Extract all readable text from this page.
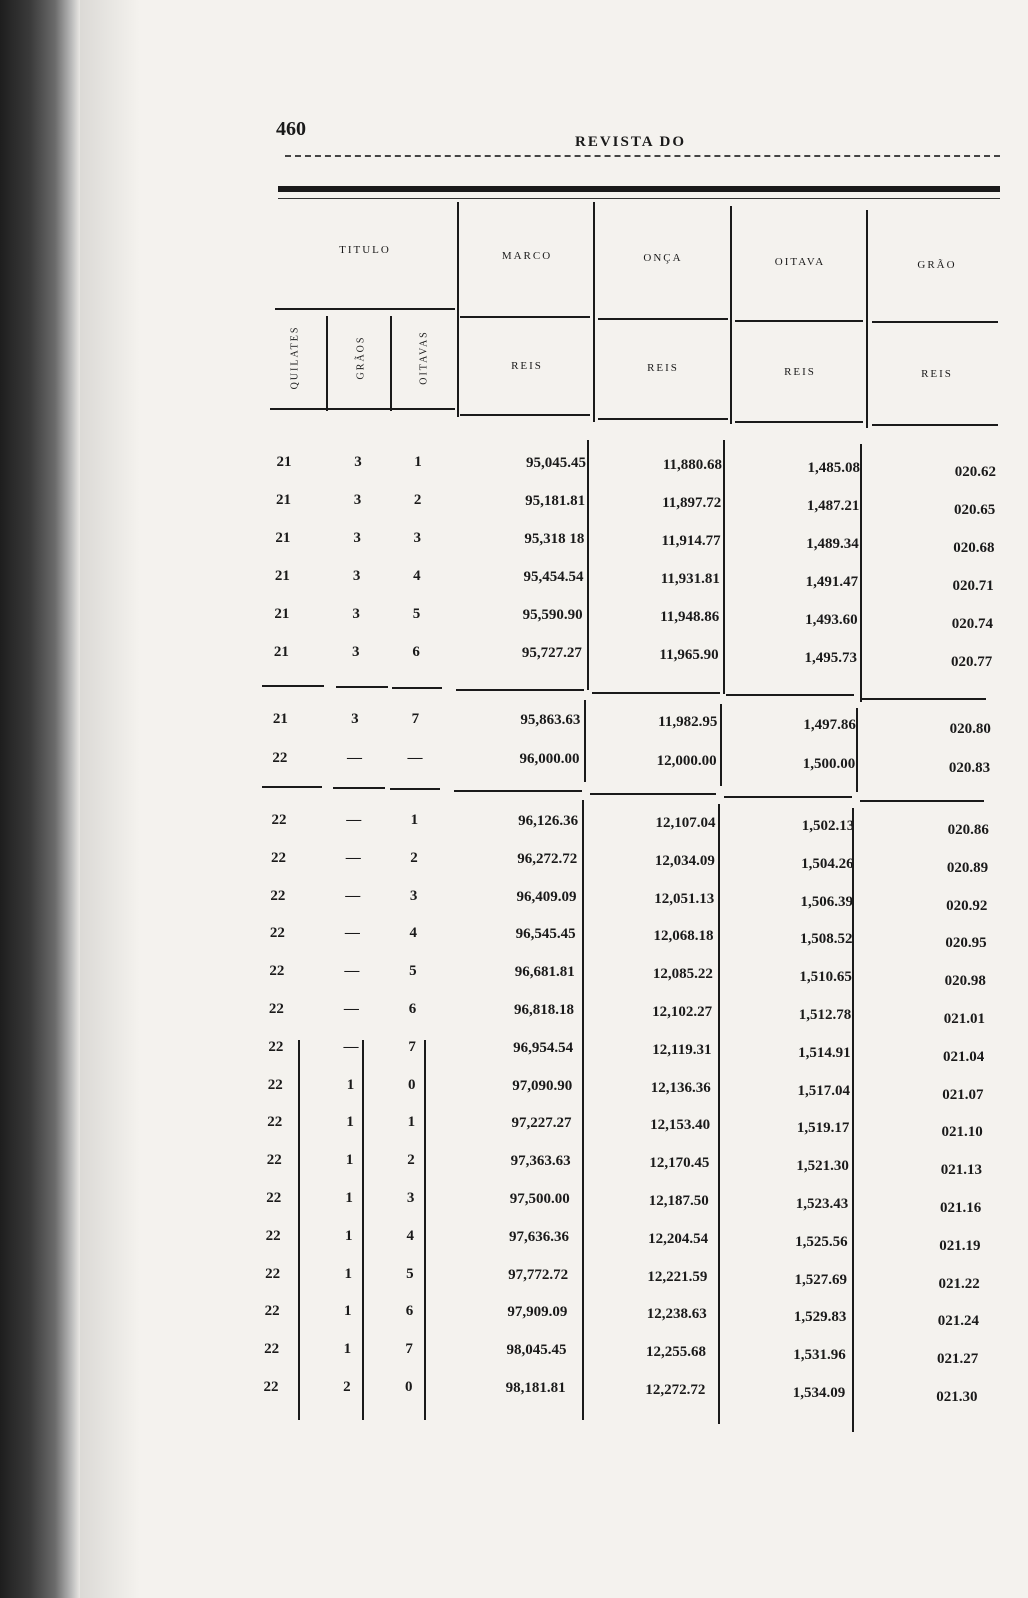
460
REVISTA DO
TITULO	MARCO	ONÇA	OITAVA	GRÃO
QUILATES	GRÃOS	OITAVAS	REIS	REIS	REIS	REIS
21	3	1	95,045.45	11,880.68	1,485.08	020.62
21	3	2	95,181.81	11,897.72	1,487.21	020.65
21	3	3	95,318 18	11,914.77	1,489.34	020.68
21	3	4	95,454.54	11,931.81	1,491.47	020.71
21	3	5	95,590.90	11,948.86	1,493.60	020.74
21	3	6	95,727.27	11,965.90	1,495.73	020.77
21	3	7	95,863.63	11,982.95	1,497.86	020.80
22	—	—	96,000.00	12,000.00	1,500.00	020.83
22	—	1	96,126.36	12,107.04	1,502.13	020.86
22	—	2	96,272.72	12,034.09	1,504.26	020.89
22	—	3	96,409.09	12,051.13	1,506.39	020.92
22	—	4	96,545.45	12,068.18	1,508.52	020.95
22	—	5	96,681.81	12,085.22	1,510.65	020.98
22	—	6	96,818.18	12,102.27	1,512.78	021.01
22	—	7	96,954.54	12,119.31	1,514.91	021.04
22	1	0	97,090.90	12,136.36	1,517.04	021.07
22	1	1	97,227.27	12,153.40	1,519.17	021.10
22	1	2	97,363.63	12,170.45	1,521.30	021.13
22	1	3	97,500.00	12,187.50	1,523.43	021.16
22	1	4	97,636.36	12,204.54	1,525.56	021.19
22	1	5	97,772.72	12,221.59	1,527.69	021.22
22	1	6	97,909.09	12,238.63	1,529.83	021.24
22	1	7	98,045.45	12,255.68	1,531.96	021.27
22	2	0	98,181.81	12,272.72	1,534.09	021.30
